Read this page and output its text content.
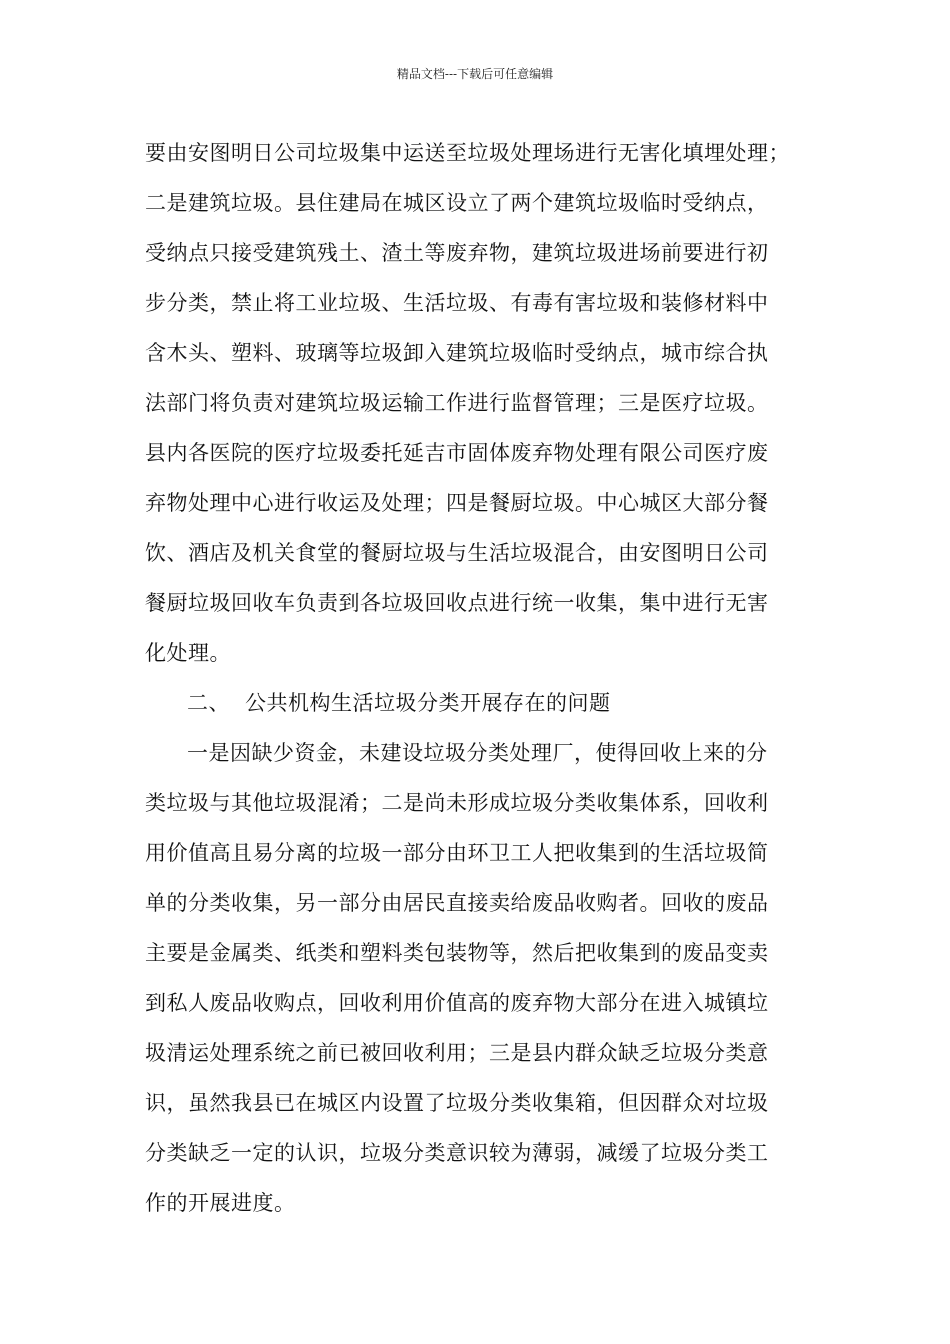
精品文档---下载后可任意编辑
要由安图明日公司垃圾集中运送至垃圾处理场进行无害化填埋处理；
二是建筑垃圾。县住建局在城区设立了两个建筑垃圾临时受纳点，
受纳点只接受建筑残土、渣土等废弃物，建筑垃圾进场前要进行初
步分类，禁止将工业垃圾、生活垃圾、有毒有害垃圾和装修材料中
含木头、塑料、玻璃等垃圾卸入建筑垃圾临时受纳点，城市综合执
法部门将负责对建筑垃圾运输工作进行监督管理；三是医疗垃圾。
县内各医院的医疗垃圾委托延吉市固体废弃物处理有限公司医疗废
弃物处理中心进行收运及处理；四是餐厨垃圾。中心城区大部分餐
饮、酒店及机关食堂的餐厨垃圾与生活垃圾混合，由安图明日公司
餐厨垃圾回收车负责到各垃圾回收点进行统一收集，集中进行无害
化处理。
二、 公共机构生活垃圾分类开展存在的问题
一是因缺少资金，未建设垃圾分类处理厂，使得回收上来的分
类垃圾与其他垃圾混淆；二是尚未形成垃圾分类收集体系，回收利
用价值高且易分离的垃圾一部分由环卫工人把收集到的生活垃圾简
单的分类收集，另一部分由居民直接卖给废品收购者。回收的废品
主要是金属类、纸类和塑料类包装物等，然后把收集到的废品变卖
到私人废品收购点，回收利用价值高的废弃物大部分在进入城镇垃
圾清运处理系统之前已被回收利用；三是县内群众缺乏垃圾分类意
识，虽然我县已在城区内设置了垃圾分类收集箱，但因群众对垃圾
分类缺乏一定的认识，垃圾分类意识较为薄弱，减缓了垃圾分类工
作的开展进度。
